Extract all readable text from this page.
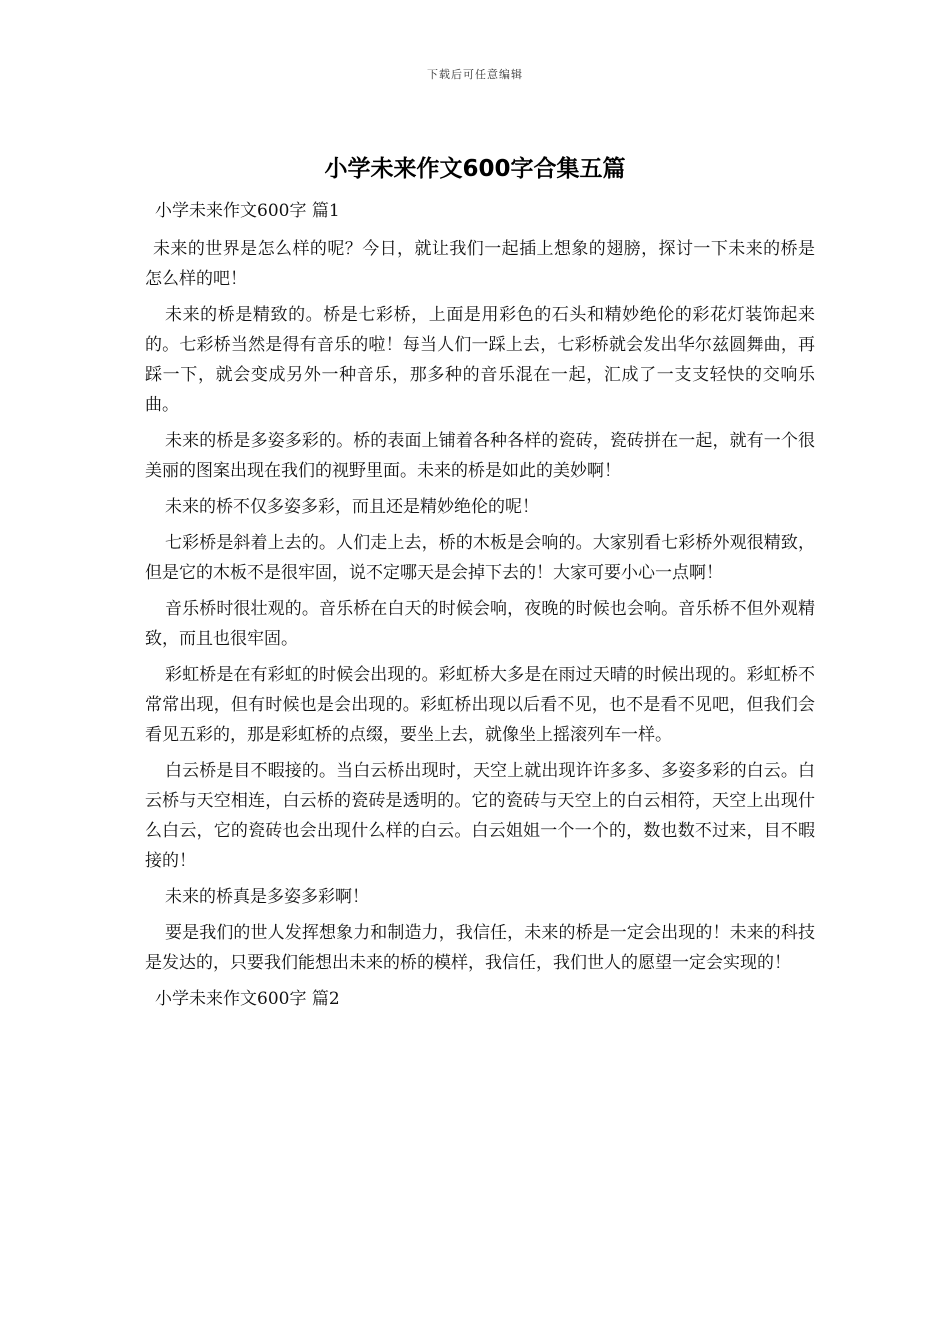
下载后可任意编辑
小学未来作文600字合集五篇

小学未来作文600字 篇1

未来的世界是怎么样的呢？今日，就让我们一起插上想象的翅膀，探讨一下未来的桥是怎么样的吧！

未来的桥是精致的。桥是七彩桥，上面是用彩色的石头和精妙绝伦的彩花灯装饰起来的。七彩桥当然是得有音乐的啦！每当人们一踩上去，七彩桥就会发出华尔兹圆舞曲，再踩一下，就会变成另外一种音乐，那多种的音乐混在一起，汇成了一支支轻快的交响乐曲。

未来的桥是多姿多彩的。桥的表面上铺着各种各样的瓷砖，瓷砖拼在一起，就有一个很美丽的图案出现在我们的视野里面。未来的桥是如此的美妙啊！

未来的桥不仅多姿多彩，而且还是精妙绝伦的呢！

七彩桥是斜着上去的。人们走上去，桥的木板是会响的。大家别看七彩桥外观很精致，但是它的木板不是很牢固，说不定哪天是会掉下去的！大家可要小心一点啊！

音乐桥时很壮观的。音乐桥在白天的时候会响，夜晚的时候也会响。音乐桥不但外观精致，而且也很牢固。

彩虹桥是在有彩虹的时候会出现的。彩虹桥大多是在雨过天晴的时候出现的。彩虹桥不常常出现，但有时候也是会出现的。彩虹桥出现以后看不见，也不是看不见吧，但我们会看见五彩的，那是彩虹桥的点缀，要坐上去，就像坐上摇滚列车一样。

白云桥是目不暇接的。当白云桥出现时，天空上就出现许许多多、多姿多彩的白云。白云桥与天空相连，白云桥的瓷砖是透明的。它的瓷砖与天空上的白云相符，天空上出现什么白云，它的瓷砖也会出现什么样的白云。白云姐姐一个一个的，数也数不过来，目不暇接的！

未来的桥真是多姿多彩啊！

要是我们的世人发挥想象力和制造力，我信任，未来的桥是一定会出现的！未来的科技是发达的，只要我们能想出未来的桥的模样，我信任，我们世人的愿望一定会实现的！

小学未来作文600字 篇2
